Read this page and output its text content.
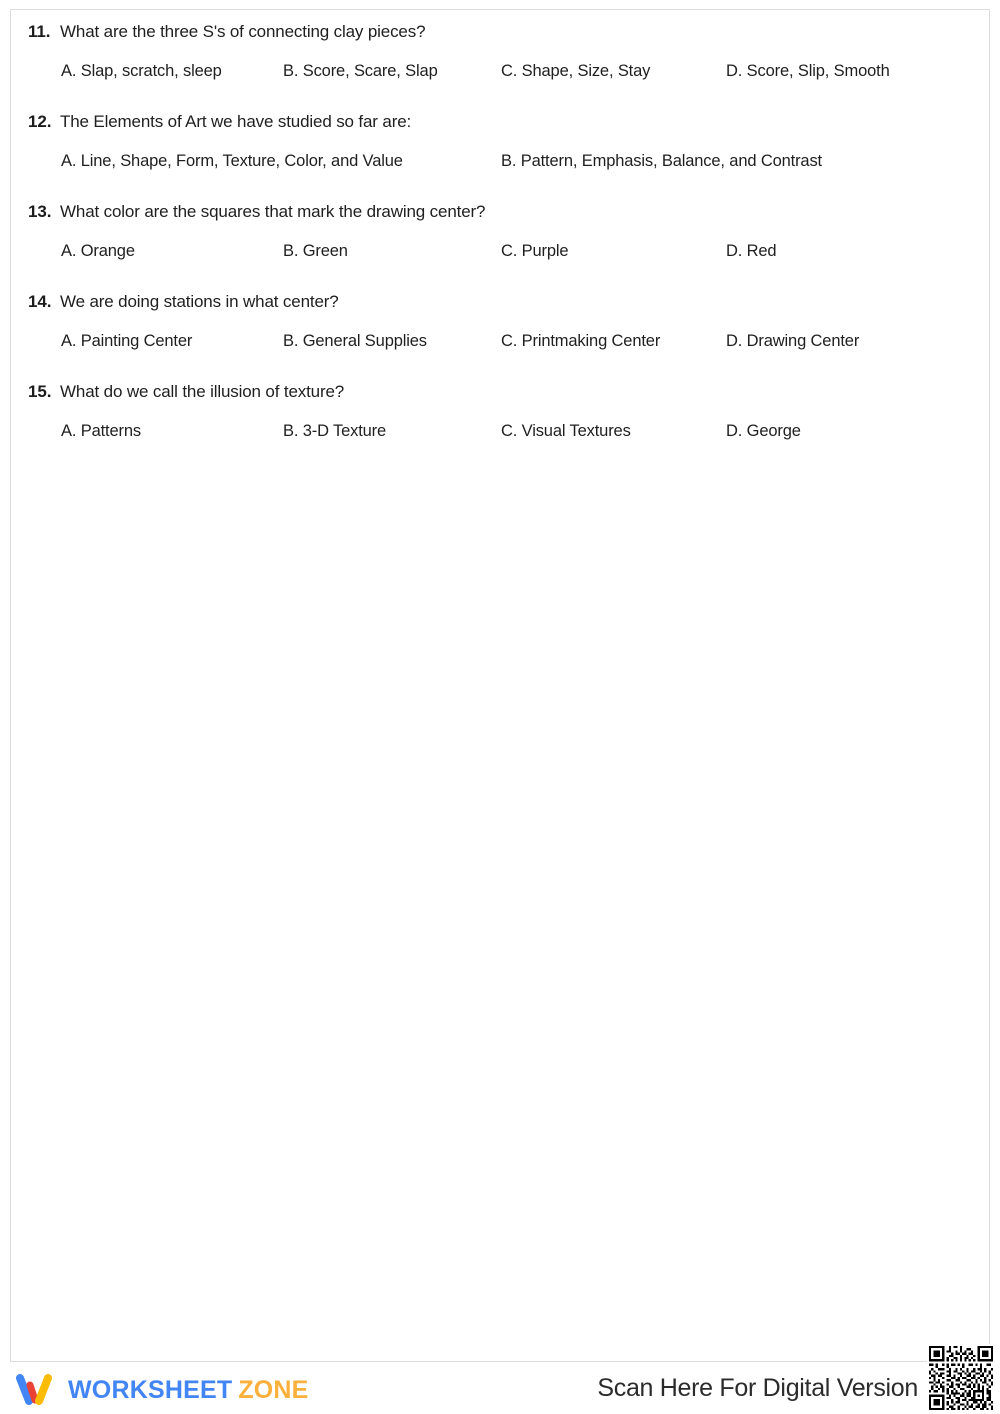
11. What are the three S's of connecting clay pieces?
A. Slap, scratch, sleep	B. Score, Scare, Slap	C. Shape, Size, Stay	D. Score, Slip, Smooth
12. The Elements of Art we have studied so far are:
A. Line, Shape, Form, Texture, Color, and Value	B. Pattern, Emphasis, Balance, and Contrast
13. What color are the squares that mark the drawing center?
A. Orange	B. Green	C. Purple	D. Red
14. We are doing stations in what center?
A. Painting Center	B. General Supplies	C. Printmaking Center	D. Drawing Center
15. What do we call the illusion of texture?
A. Patterns	B. 3-D Texture	C. Visual Textures	D. George
WORKSHEET ZONE	Scan Here For Digital Version
